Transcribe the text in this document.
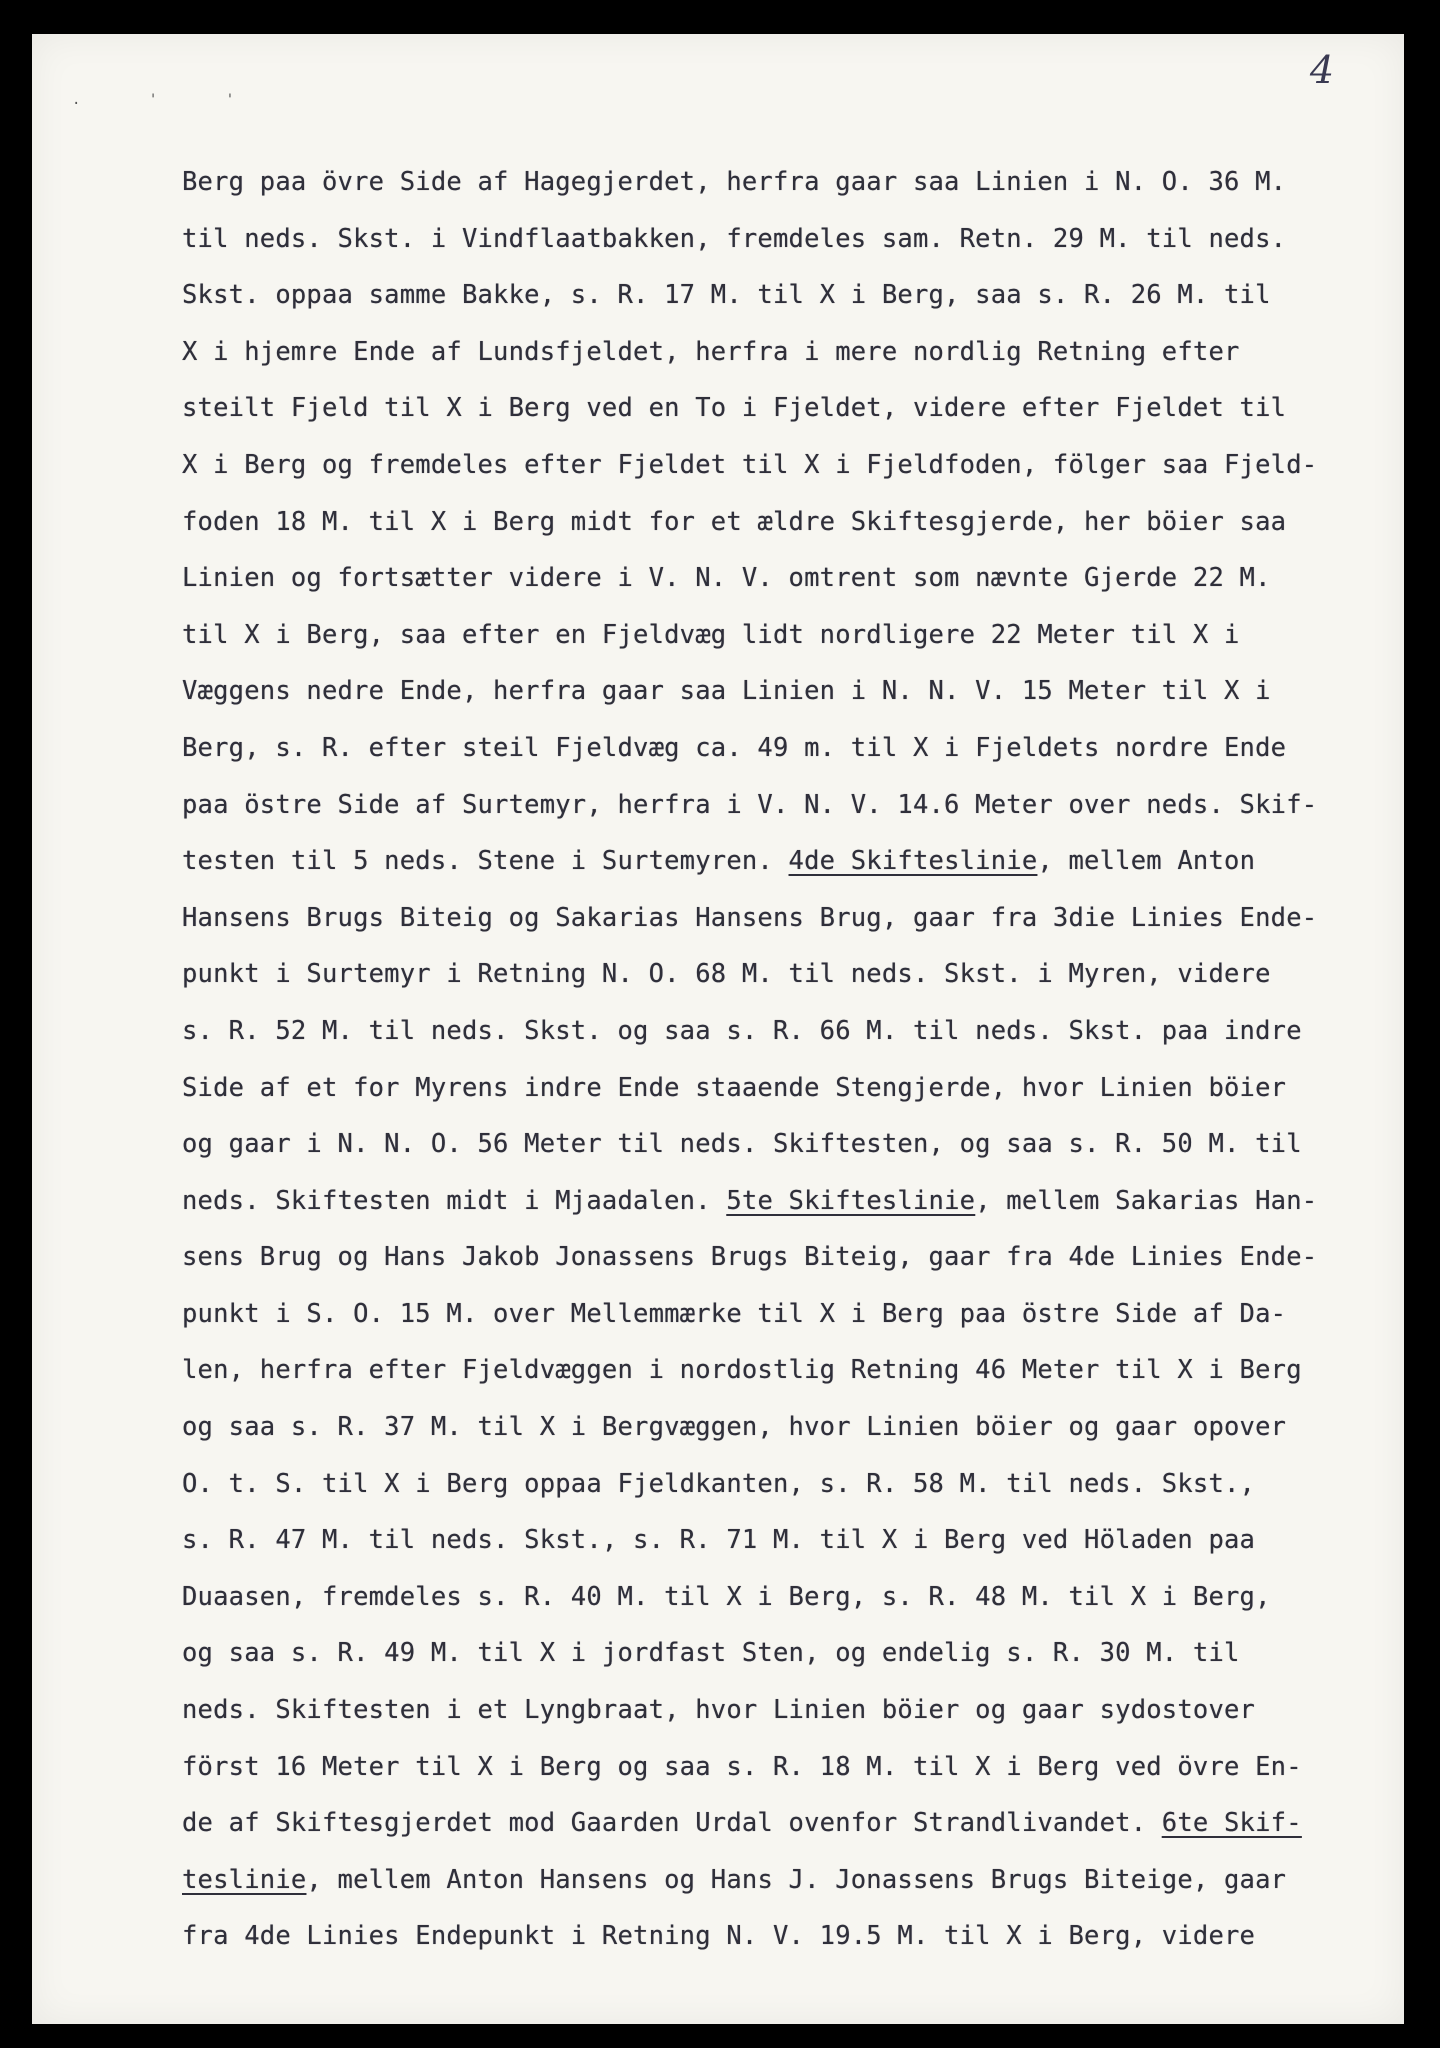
4
. ' '
Berg paa övre Side af Hagegjerdet, herfra gaar saa Linien i N. O. 36 M.
til neds. Skst. i Vindflaatbakken, fremdeles sam. Retn. 29 M. til neds.
Skst. oppaa samme Bakke, s. R. 17 M. til X i Berg, saa s. R. 26 M. til
X i hjemre Ende af Lundsfjeldet, herfra i mere nordlig Retning efter
steilt Fjeld til X i Berg ved en To i Fjeldet, videre efter Fjeldet til
X i Berg og fremdeles efter Fjeldet til X i Fjeldfoden, fölger saa Fjeld-
foden 18 M. til X i Berg midt for et ældre Skiftesgjerde, her böier saa
Linien og fortsætter videre i V. N. V. omtrent som nævnte Gjerde 22 M.
til X i Berg, saa efter en Fjeldvæg lidt nordligere 22 Meter til X i
Væggens nedre Ende, herfra gaar saa Linien i N. N. V. 15 Meter til X i
Berg, s. R. efter steil Fjeldvæg ca. 49 m. til X i Fjeldets nordre Ende
paa östre Side af Surtemyr, herfra i V. N. V. 14.6 Meter over neds. Skif-
testen til 5 neds. Stene i Surtemyren. 4de Skifteslinie, mellem Anton
Hansens Brugs Biteig og Sakarias Hansens Brug, gaar fra 3die Linies Ende-
punkt i Surtemyr i Retning N. O. 68 M. til neds. Skst. i Myren, videre
s. R. 52 M. til neds. Skst. og saa s. R. 66 M. til neds. Skst. paa indre
Side af et for Myrens indre Ende staaende Stengjerde, hvor Linien böier
og gaar i N. N. O. 56 Meter til neds. Skiftesten, og saa s. R. 50 M. til
neds. Skiftesten midt i Mjaadalen. 5te Skifteslinie, mellem Sakarias Han-
sens Brug og Hans Jakob Jonassens Brugs Biteig, gaar fra 4de Linies Ende-
punkt i S. O. 15 M. over Mellemmærke til X i Berg paa östre Side af Da-
len, herfra efter Fjeldvæggen i nordostlig Retning 46 Meter til X i Berg
og saa s. R. 37 M. til X i Bergvæggen, hvor Linien böier og gaar opover
O. t. S. til X i Berg oppaa Fjeldkanten, s. R. 58 M. til neds. Skst.,
s. R. 47 M. til neds. Skst., s. R. 71 M. til X i Berg ved Höladen paa
Duaasen, fremdeles s. R. 40 M. til X i Berg, s. R. 48 M. til X i Berg,
og saa s. R. 49 M. til X i jordfast Sten, og endelig s. R. 30 M. til
neds. Skiftesten i et Lyngbraat, hvor Linien böier og gaar sydostover
först 16 Meter til X i Berg og saa s. R. 18 M. til X i Berg ved övre En-
de af Skiftesgjerdet mod Gaarden Urdal ovenfor Strandlivandet. 6te Skif-
teslinie, mellem Anton Hansens og Hans J. Jonassens Brugs Biteige, gaar
fra 4de Linies Endepunkt i Retning N. V. 19.5 M. til X i Berg, videre
